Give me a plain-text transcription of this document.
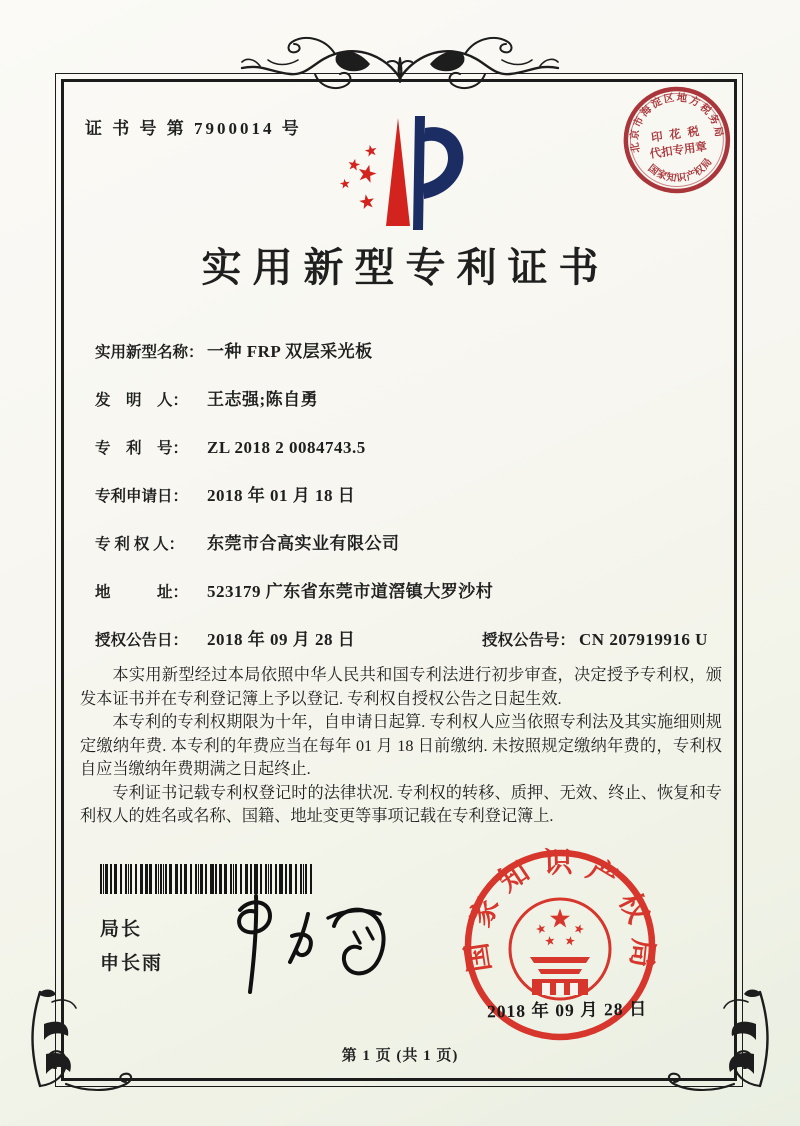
证 书 号 第 7900014 号
北京市海淀区地方税务局
国家知识产权局
印 花 税
代扣专用章
实用新型专利证书
实用新型名称： 一种 FRP 双层采光板
发　明　人： 王志强;陈自勇
专　利　号： ZL 2018 2 0084743.5
专利申请日： 2018 年 01 月 18 日
专 利 权 人： 东莞市合高实业有限公司
地　　　址： 523179 广东省东莞市道滘镇大罗沙村
授权公告日： 2018 年 09 月 28 日	授权公告号： CN 207919916 U

本实用新型经过本局依照中华人民共和国专利法进行初步审查，决定授予专利权，颁发本证书并在专利登记簿上予以登记. 专利权自授权公告之日起生效.

本专利的专利权期限为十年，自申请日起算. 专利权人应当依照专利法及其实施细则规定缴纳年费. 本专利的年费应当在每年 01 月 18 日前缴纳. 未按照规定缴纳年费的，专利权自应当缴纳年费期满之日起终止.

专利证书记载专利权登记时的法律状况. 专利权的转移、质押、无效、终止、恢复和专利权人的姓名或名称、国籍、地址变更等事项记载在专利登记簿上.

局长
申长雨	国家知识产权局
2018 年 09 月 28 日
第 1 页 (共 1 页)
